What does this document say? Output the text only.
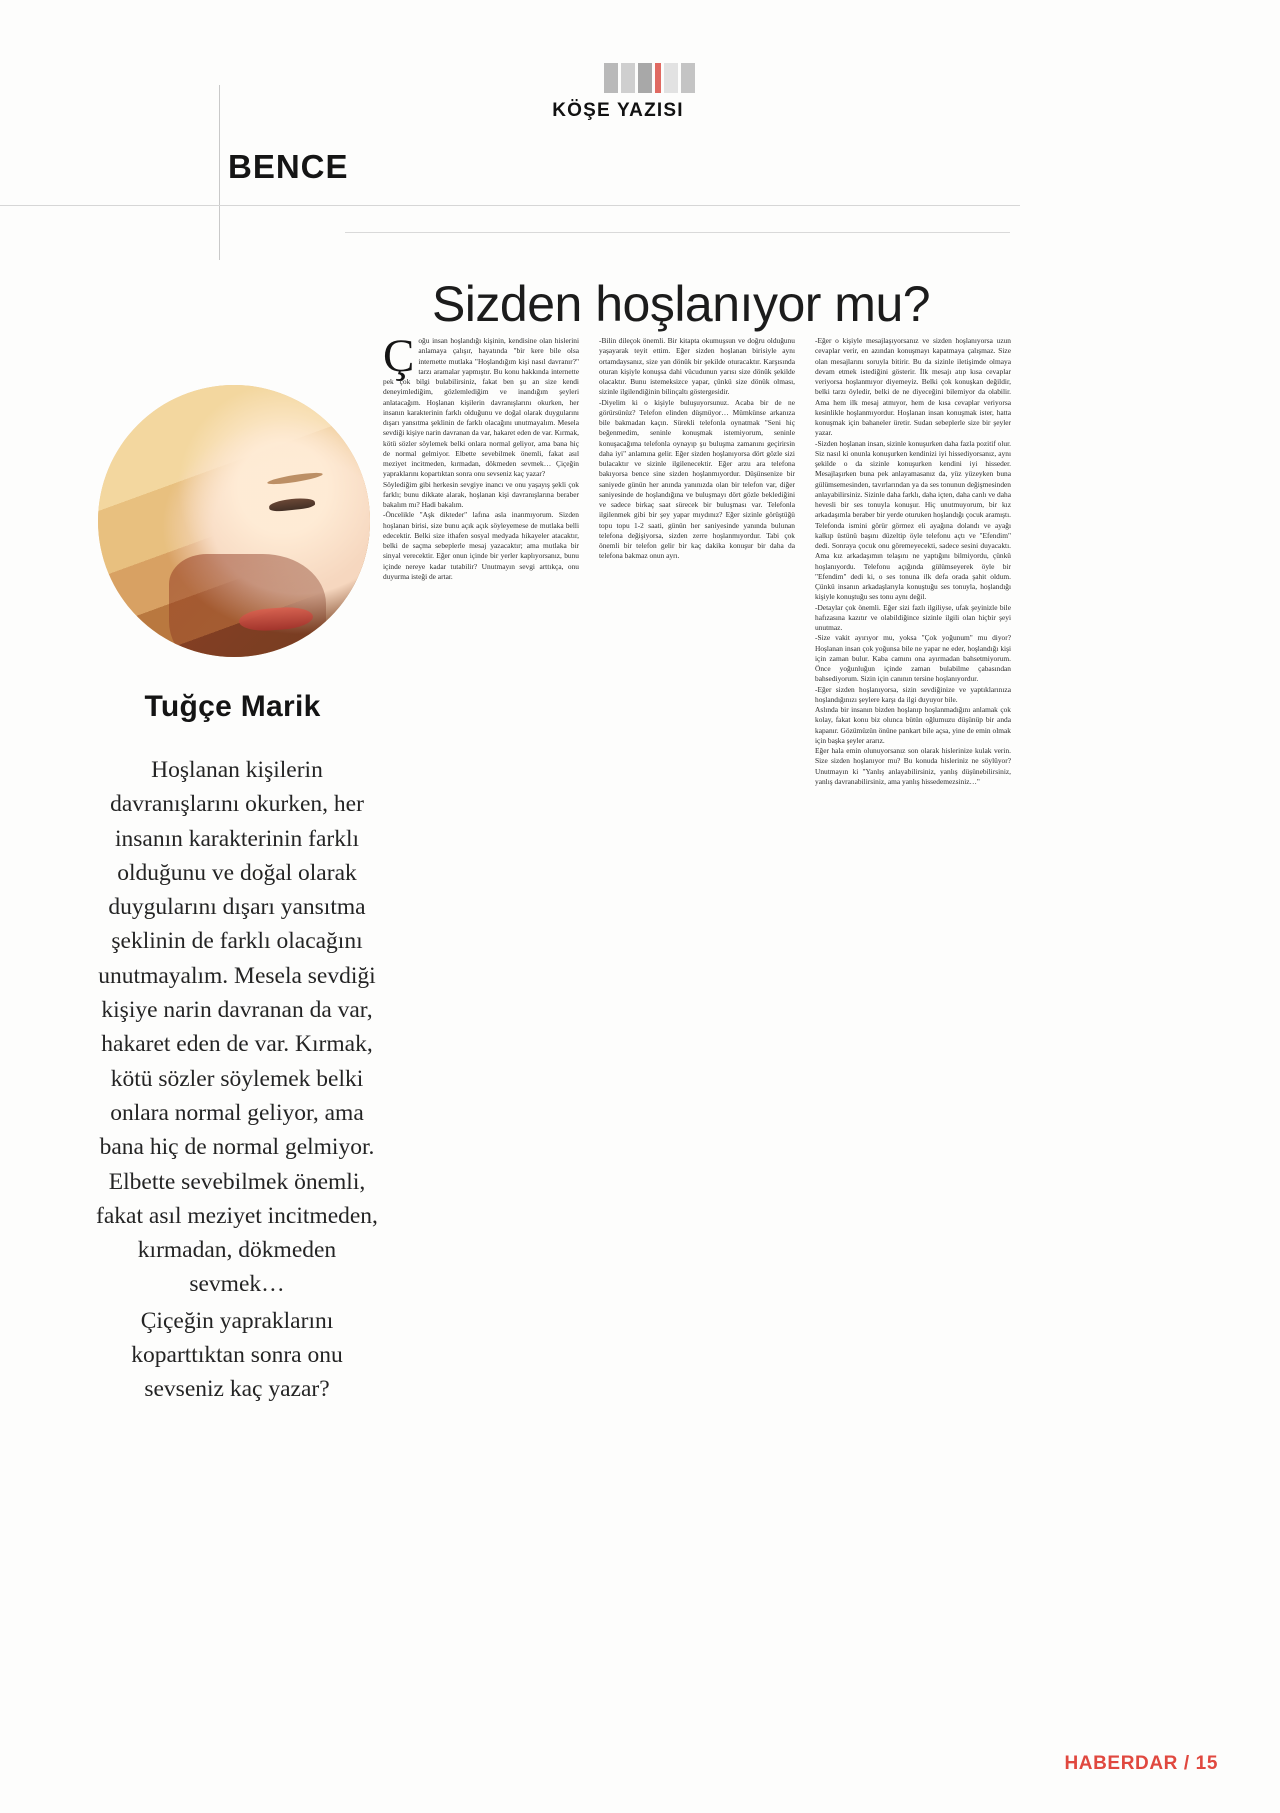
KÖŞE YAZISI
BENCE
Sizden hoşlanıyor mu?
Tuğçe Marik
Hoşlanan kişilerin davranışlarını okurken, her insanın karakterinin farklı olduğunu ve doğal olarak duygularını dışarı yansıtma şeklinin de farklı olacağını unutmayalım. Mesela sevdiği kişiye narin davranan da var, hakaret eden de var. Kırmak, kötü sözler söylemek belki onlara normal geliyor, ama bana hiç de normal gelmiyor. Elbette sevebilmek önemli, fakat asıl meziyet incitmeden, kırmadan, dökmeden sevmek…
Çiçeğin yapraklarını koparttıktan sonra onu sevseniz kaç yazar?

Çoğu insan hoşlandığı kişinin, kendisine olan hislerini anlamaya çalışır, hayatında "bir kere bile olsa internette mutlaka "Hoşlandığım kişi nasıl davranır?" tarzı aramalar yapmıştır. Bu konu hakkında internette pek çok bilgi bulabilirsiniz, fakat ben şu an size kendi deneyimlediğim, gözlemlediğim ve inandığım şeyleri anlatacağım. Hoşlanan kişilerin davranışlarını okurken, her insanın karakterinin farklı olduğunu ve doğal olarak duygularını dışarı yansıtma şeklinin de farklı olacağını unutmayalım. Mesela sevdiği kişiye narin davranan da var, hakaret eden de var. Kırmak, kötü sözler söylemek belki onlara normal geliyor, ama bana hiç de normal gelmiyor. Elbette sevebilmek önemli, fakat asıl meziyet incitmeden, kırmadan, dökmeden sevmek… Çiçeğin yapraklarını kopartıktan sonra onu sevseniz kaç yazar?

Söylediğim gibi herkesin sevgiye inancı ve onu yaşayış şekli çok farklı; bunu dikkate alarak, hoşlanan kişi davranışlarına beraber bakalım mı? Hadi bakalım.

-Öncelikle "Aşk dikteder" lafına asla inanmıyorum. Sizden hoşlanan birisi, size bunu açık açık söyleyemese de mutlaka belli edecektir. Belki size ithafen sosyal medyada hikayeler atacaktır, belki de saçma sebeplerle mesaj yazacaktır; ama mutlaka bir sinyal verecektir. Eğer onun içinde bir yerler kaplıyorsanız, bunu içinde nereye kadar tutabilir? Unutmayın sevgi arttıkça, onu duyurma isteği de artar.

-Bilin dileçok önemli. Bir kitapta okumuşsun ve doğru olduğunu yaşayarak teyit ettim. Eğer sizden hoşlanan birisiyle aynı ortamdaysanız, size yan dönük bir şekilde oturacaktır. Karşısında oturan kişiyle konuşsa dahi vücudunun yarısı size dönük şekilde olacaktır. Bunu istemeksizce yapar, çünkü size dönük olması, sizinle ilgilendiğinin bilinçaltı göstergesidir.

-Diyelim ki o kişiyle buluşuyorsunuz. Acaba bir de ne görürsünüz? Telefon elinden düşmüyor… Mümkünse arkanıza bile bakmadan kaçın. Sürekli telefonla oynatmak "Seni hiç beğenmedim, seninle konuşmak istemiyorum, seninle konuşacağıma telefonla oynayıp şu buluşma zamanını geçirirsin daha iyi" anlamına gelir. Eğer sizden hoşlanıyorsa dört gözle sizi bulacaktır ve sizinle ilgilenecektir. Eğer arzu ara telefona bakıyorsa bence sine sizden hoşlanmıyordur. Düşünsenize bir saniyede günün her anında yanınızda olan bir telefon var, diğer saniyesinde de hoşlandığına ve buluşmayı dört gözle beklediğini ve sadece birkaç saat sürecek bir buluşması var. Telefonla ilgilenmek gibi bir şey yapar mıydınız? Eğer sizinle görüştüğü topu topu 1-2 saati, günün her saniyesinde yanında bulunan telefona değişiyorsa, sizden zerre hoşlanmıyordur. Tabi çok önemli bir telefon gelir bir kaç dakika konuşur bir daha da telefona bakmaz onun ayrı.

-Eğer o kişiyle mesajlaşıyorsanız ve sizden hoşlanıyorsa uzun cevaplar verir, en azından konuşmayı kapatmaya çalışmaz. Size olan mesajlarını soruyla bitirir. Bu da sizinle iletişimde olmaya devam etmek istediğini gösterir. İlk mesajı atıp kısa cevaplar veriyorsa hoşlanmıyor diyemeyiz. Belki çok konuşkan değildir, belki tarzı öyledir, belki de ne diyeceğini bilemiyor da olabilir. Ama hem ilk mesaj atmıyor, hem de kısa cevaplar veriyorsa kesinlikle hoşlanmıyordur. Hoşlanan insan konuşmak ister, hatta konuşmak için bahaneler üretir. Sudan sebeplerle size bir şeyler yazar.

-Sizden hoşlanan insan, sizinle konuşurken daha fazla pozitif olur. Siz nasıl ki onunla konuşurken kendinizi iyi hissediyorsanız, aynı şekilde o da sizinle konuşurken kendini iyi hisseder. Mesajlaşırken buna pek anlayamasanız da, yüz yüzeyken buna gülümsemesinden, tavırlarından ya da ses tonunun değişmesinden anlayabilirsiniz. Sizinle daha farklı, daha içten, daha canlı ve daha hevesli bir ses tonuyla konuşur. Hiç unutmuyorum, bir kız arkadaşımla beraber bir yerde oturuken hoşlandığı çocuk aramıştı. Telefonda ismini görür görmez eli ayağına dolandı ve ayağı kalkıp üstünü başını düzeltip öyle telefonu açtı ve "Efendim" dedi. Sonraya çocuk onu göremeyecekti, sadece sesini duyacaktı. Ama kız arkadaşımın telaşını ne yaptığını bilmiyordu, çünkü hoşlanıyordu. Telefonu açığında gülümseyerek öyle bir "Efendim" dedi ki, o ses tonuna ilk defa orada şahit oldum. Çünkü insanın arkadaşlarıyla konuştuğu ses tonuyla, hoşlandığı kişiyle konuştuğu ses tonu aynı değil.

-Detaylar çok önemli. Eğer sizi fazlı ilgiliyse, ufak şeyinizle bile hafızasına kazıtır ve olabildiğince sizinle ilgili olan hiçbir şeyi unutmaz.

-Size vakit ayırıyor mu, yoksa "Çok yoğunum" mu diyor? Hoşlanan insan çok yoğunsa bile ne yapar ne eder, hoşlandığı kişi için zaman bulur. Kaba camını ona ayırmadan bahsetmiyorum. Önce yoğunluğun içinde zaman bulabilme çabasından bahsediyorum. Sizin için canının tersine hoşlanıyordur.

-Eğer sizden hoşlanıyorsa, sizin sevdiğinize ve yaptıklarınıza hoşlandığınızı şeylere karşı da ilgi duyuyor bile.

Aslında bir insanın bizden hoşlanıp hoşlanmadığını anlamak çok kolay, fakat konu biz olunca bütün oğlumuzu düşünüp bir anda kapanır. Gözümüzün önüne pankart bile açsa, yine de emin olmak için başka şeyler ararız.

Eğer hala emin olunuyorsanız son olarak hislerinize kulak verin. Size sizden hoşlanıyor mu? Bu konuda hisleriniz ne söylüyor? Unutmayın ki "Yanlış anlayabilirsiniz, yanlış düşünebilirsiniz, yanlış davranabilirsiniz, ama yanlış hissedemezsiniz…"

HABERDAR / 15
